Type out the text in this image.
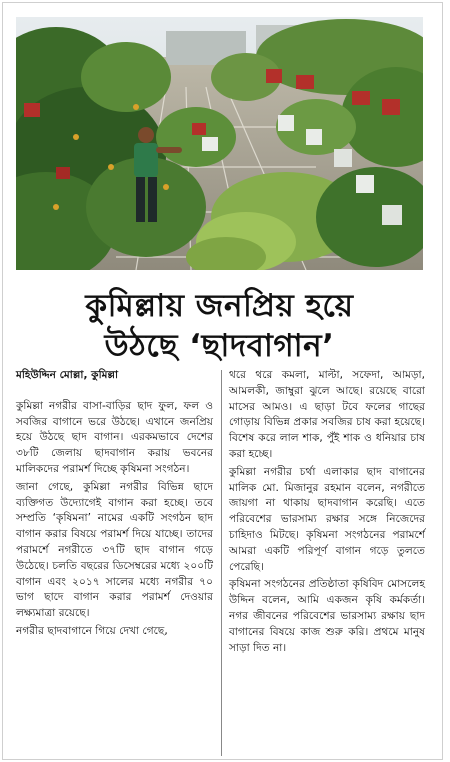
কুমিল্লায় জনপ্রিয় হয়ে
উঠছে ‘ছাদবাগান’
মহিউদ্দিন মোল্লা, কুমিল্লা
কুমিল্লা নগরীর বাসা-বাড়ির ছাদ ফুল, ফল ও সবজির বাগানে ভরে উঠছে। এখানে জনপ্রিয় হয়ে উঠছে ছাদ বাগান। এরকমভাবে দেশের ৩৮টি জেলায় ছাদবাগান করায় ভবনের মালিকদের পরামর্শ দিচ্ছে কৃষিমনা সংগঠন।
জানা গেছে, কুমিল্লা নগরীর বিভিন্ন ছাদে ব্যক্তিগত উদ্যোগেই বাগান করা হচ্ছে। তবে সম্প্রতি ‘কৃষিমনা’ নামের একটি সংগঠন ছাদ বাগান করার বিষয়ে পরামর্শ দিয়ে যাচ্ছে। তাদের পরামর্শে নগরীতে ৩৭টি ছাদ বাগান গড়ে উঠেছে। চলতি বছরের ডিসেম্বরের মধ্যে ২০০টি বাগান এবং ২০১৭ সালের মধ্যে নগরীর ৭০ ভাগ ছাদে বাগান করার পরামর্শ দেওয়ার লক্ষ্যমাত্রা রয়েছে।
নগরীর ছাদবাগানে গিয়ে দেখা গেছে,
থরে থরে কমলা, মাল্টা, সফেদা, আমড়া, আমলকী, জাম্বুরা ঝুলে আছে। রয়েছে বারো মাসের আমও। এ ছাড়া টবে ফলের গাছের গোড়ায় বিভিন্ন প্রকার সবজির চাষ করা হয়েছে। বিশেষ করে লাল শাক, পুঁই শাক ও ধনিয়ার চাষ করা হচ্ছে।
কুমিল্লা নগরীর চর্থা এলাকার ছাদ বাগানের মালিক মো. মিজানুর রহমান বলেন, নগরীতে জায়গা না থাকায় ছাদবাগান করেছি। এতে পরিবেশের ভারসাম্য রক্ষার সঙ্গে নিজেদের চাহিদাও মিটছে। কৃষিমনা সংগঠনের পরামর্শে আমরা একটি পরিপূর্ণ বাগান গড়ে তুলতে পেরেছি।
কৃষিমনা সংগঠনের প্রতিষ্ঠাতা কৃষিবিদ মোসলেহ উদ্দিন বলেন, আমি একজন কৃষি কর্মকর্তা। নগর জীবনের পরিবেশের ভারসাম্য রক্ষায় ছাদ বাগানের বিষয়ে কাজ শুরু করি। প্রথমে মানুষ সাড়া দিত না।
